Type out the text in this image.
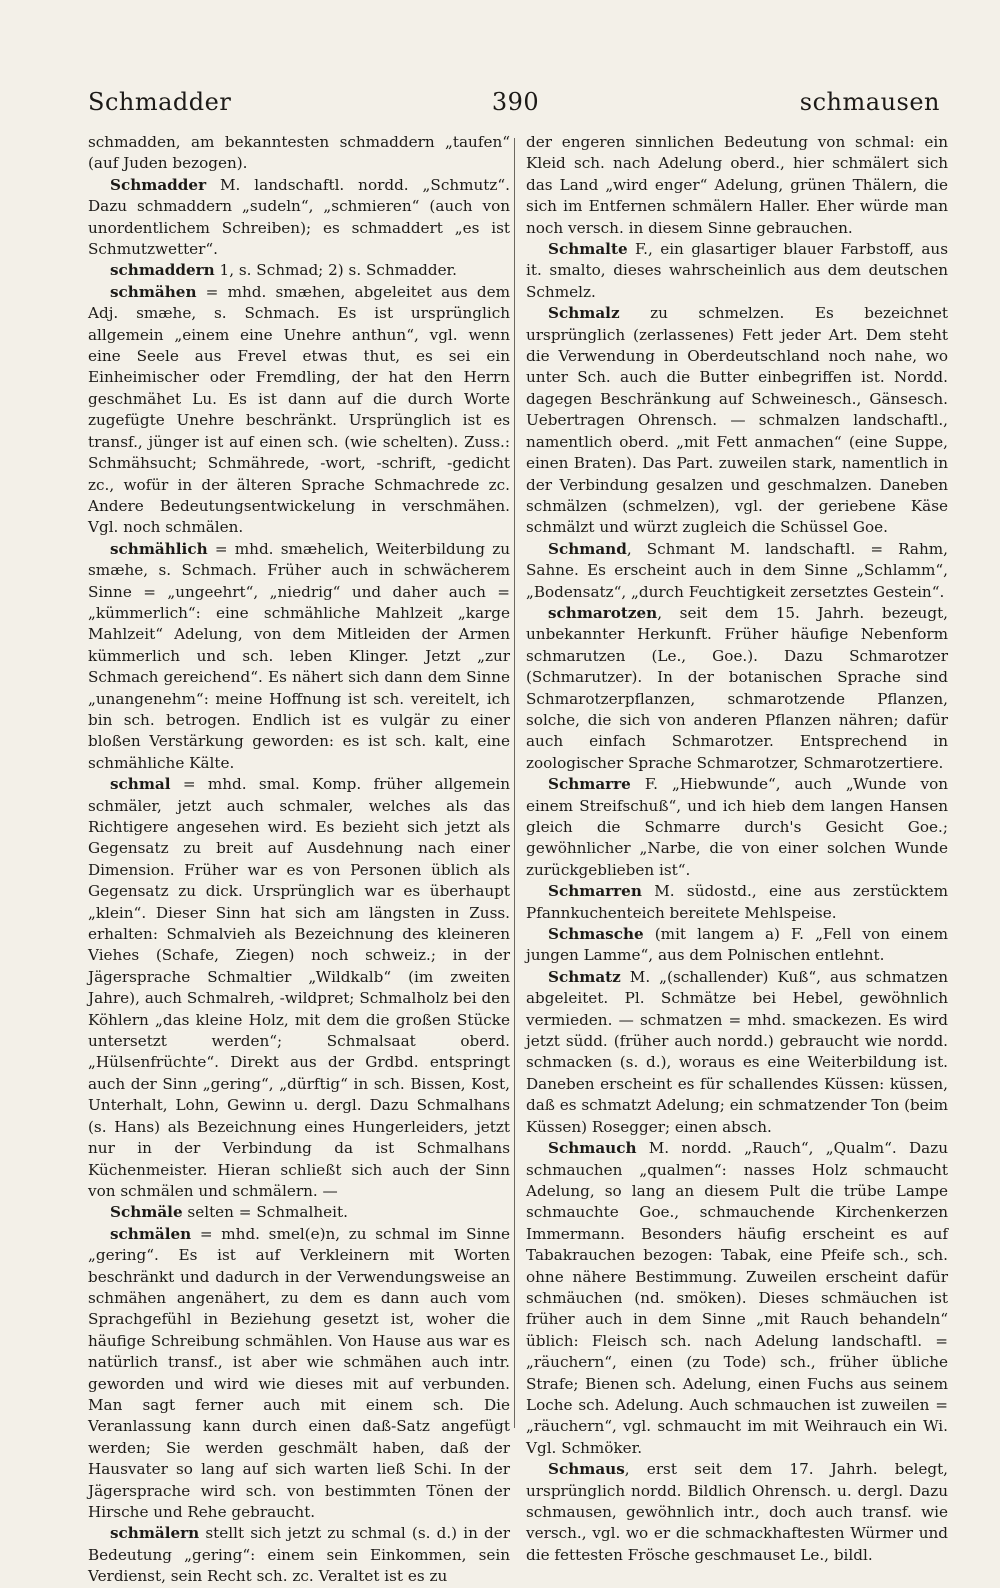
Schmadder	390	schmausen

schmadden, am bekanntesten schmaddern „taufen“ (auf Juden bezogen).

Schmadder M. landschaftl. nordd. „Schmutz“. Dazu schmaddern „sudeln“, „schmieren“ (auch von unordentlichem Schreiben); es schmaddert „es ist Schmutzwetter“.

schmaddern 1, s. Schmad; 2) s. Schmadder.

schmähen = mhd. smæhen, abgeleitet aus dem Adj. smæhe, s. Schmach. Es ist ursprünglich allgemein „einem eine Unehre anthun“, vgl. wenn eine Seele aus Frevel etwas thut, es sei ein Einheimischer oder Fremdling, der hat den Herrn geschmähet Lu. Es ist dann auf die durch Worte zugefügte Unehre beschränkt. Ursprünglich ist es transf., jünger ist auf einen sch. (wie schelten). Zuss.: Schmähsucht; Schmährede, -wort, -schrift, -gedicht zc., wofür in der älteren Sprache Schmachrede zc. Andere Bedeutungsentwickelung in verschmähen. Vgl. noch schmälen.

schmählich = mhd. smæhelich, Weiterbildung zu smæhe, s. Schmach. Früher auch in schwächerem Sinne = „ungeehrt“, „niedrig“ und daher auch = „kümmerlich“: eine schmähliche Mahlzeit „karge Mahlzeit“ Adelung, von dem Mitleiden der Armen kümmerlich und sch. leben Klinger. Jetzt „zur Schmach gereichend“. Es nähert sich dann dem Sinne „unangenehm“: meine Hoffnung ist sch. vereitelt, ich bin sch. betrogen. Endlich ist es vulgär zu einer bloßen Verstärkung geworden: es ist sch. kalt, eine schmähliche Kälte.

schmal = mhd. smal. Komp. früher allgemein schmäler, jetzt auch schmaler, welches als das Richtigere angesehen wird. Es bezieht sich jetzt als Gegensatz zu breit auf Ausdehnung nach einer Dimension. Früher war es von Personen üblich als Gegensatz zu dick. Ursprünglich war es überhaupt „klein“. Dieser Sinn hat sich am längsten in Zuss. erhalten: Schmalvieh als Bezeichnung des kleineren Viehes (Schafe, Ziegen) noch schweiz.; in der Jägersprache Schmaltier „Wildkalb“ (im zweiten Jahre), auch Schmalreh, -wildpret; Schmalholz bei den Köhlern „das kleine Holz, mit dem die großen Stücke untersetzt werden“; Schmalsaat oberd. „Hülsenfrüchte“. Direkt aus der Grdbd. entspringt auch der Sinn „gering“, „dürftig“ in sch. Bissen, Kost, Unterhalt, Lohn, Gewinn u. dergl. Dazu Schmalhans (s. Hans) als Bezeichnung eines Hungerleiders, jetzt nur in der Verbindung da ist Schmalhans Küchenmeister. Hieran schließt sich auch der Sinn von schmälen und schmälern. —

Schmäle selten = Schmalheit.

schmälen = mhd. smel(e)n, zu schmal im Sinne „gering“. Es ist auf Verkleinern mit Worten beschränkt und dadurch in der Verwendungsweise an schmähen angenähert, zu dem es dann auch vom Sprachgefühl in Beziehung gesetzt ist, woher die häufige Schreibung schmählen. Von Hause aus war es natürlich transf., ist aber wie schmähen auch intr. geworden und wird wie dieses mit auf verbunden. Man sagt ferner auch mit einem sch. Die Veranlassung kann durch einen daß-Satz angefügt werden; Sie werden geschmält haben, daß der Hausvater so lang auf sich warten ließ Schi. In der Jägersprache wird sch. von bestimmten Tönen der Hirsche und Rehe gebraucht.

schmälern stellt sich jetzt zu schmal (s. d.) in der Bedeutung „gering“: einem sein Einkommen, sein Verdienst, sein Recht sch. zc. Veraltet ist es zu

der engeren sinnlichen Bedeutung von schmal: ein Kleid sch. nach Adelung oberd., hier schmälert sich das Land „wird enger“ Adelung, grünen Thälern, die sich im Entfernen schmälern Haller. Eher würde man noch versch. in diesem Sinne gebrauchen.

Schmalte F., ein glasartiger blauer Farbstoff, aus it. smalto, dieses wahrscheinlich aus dem deutschen Schmelz.

Schmalz zu schmelzen. Es bezeichnet ursprünglich (zerlassenes) Fett jeder Art. Dem steht die Verwendung in Oberdeutschland noch nahe, wo unter Sch. auch die Butter einbegriffen ist. Nordd. dagegen Beschränkung auf Schweinesch., Gänsesch. Uebertragen Ohrensch. — schmalzen landschaftl., namentlich oberd. „mit Fett anmachen“ (eine Suppe, einen Braten). Das Part. zuweilen stark, namentlich in der Verbindung gesalzen und geschmalzen. Daneben schmälzen (schmelzen), vgl. der geriebene Käse schmälzt und würzt zugleich die Schüssel Goe.

Schmand, Schmant M. landschaftl. = Rahm, Sahne. Es erscheint auch in dem Sinne „Schlamm“, „Bodensatz“, „durch Feuchtigkeit zersetztes Gestein“.

schmarotzen, seit dem 15. Jahrh. bezeugt, unbekannter Herkunft. Früher häufige Nebenform schmarutzen (Le., Goe.). Dazu Schmarotzer (Schmarutzer). In der botanischen Sprache sind Schmarotzerpflanzen, schmarotzende Pflanzen, solche, die sich von anderen Pflanzen nähren; dafür auch einfach Schmarotzer. Entsprechend in zoologischer Sprache Schmarotzer, Schmarotzertiere.

Schmarre F. „Hiebwunde“, auch „Wunde von einem Streifschuß“, und ich hieb dem langen Hansen gleich die Schmarre durch's Gesicht Goe.; gewöhnlicher „Narbe, die von einer solchen Wunde zurückgeblieben ist“.

Schmarren M. südostd., eine aus zerstücktem Pfannkuchenteich bereitete Mehlspeise.

Schmasche (mit langem a) F. „Fell von einem jungen Lamme“, aus dem Polnischen entlehnt.

Schmatz M. „(schallender) Kuß“, aus schmatzen abgeleitet. Pl. Schmätze bei Hebel, gewöhnlich vermieden. — schmatzen = mhd. smackezen. Es wird jetzt südd. (früher auch nordd.) gebraucht wie nordd. schmacken (s. d.), woraus es eine Weiterbildung ist. Daneben erscheint es für schallendes Küssen: küssen, daß es schmatzt Adelung; ein schmatzender Ton (beim Küssen) Rosegger; einen absch.

Schmauch M. nordd. „Rauch“, „Qualm“. Dazu schmauchen „qualmen“: nasses Holz schmaucht Adelung, so lang an diesem Pult die trübe Lampe schmauchte Goe., schmauchende Kirchenkerzen Immermann. Besonders häufig erscheint es auf Tabakrauchen bezogen: Tabak, eine Pfeife sch., sch. ohne nähere Bestimmung. Zuweilen erscheint dafür schmäuchen (nd. smöken). Dieses schmäuchen ist früher auch in dem Sinne „mit Rauch behandeln“ üblich: Fleisch sch. nach Adelung landschaftl. = „räuchern“, einen (zu Tode) sch., früher übliche Strafe; Bienen sch. Adelung, einen Fuchs aus seinem Loche sch. Adelung. Auch schmauchen ist zuweilen = „räuchern“, vgl. schmaucht im mit Weihrauch ein Wi. Vgl. Schmöker.

Schmaus, erst seit dem 17. Jahrh. belegt, ursprünglich nordd. Bildlich Ohrensch. u. dergl. Dazu schmausen, gewöhnlich intr., doch auch transf. wie versch., vgl. wo er die schmackhaftesten Würmer und die fettesten Frösche geschmauset Le., bildl.
